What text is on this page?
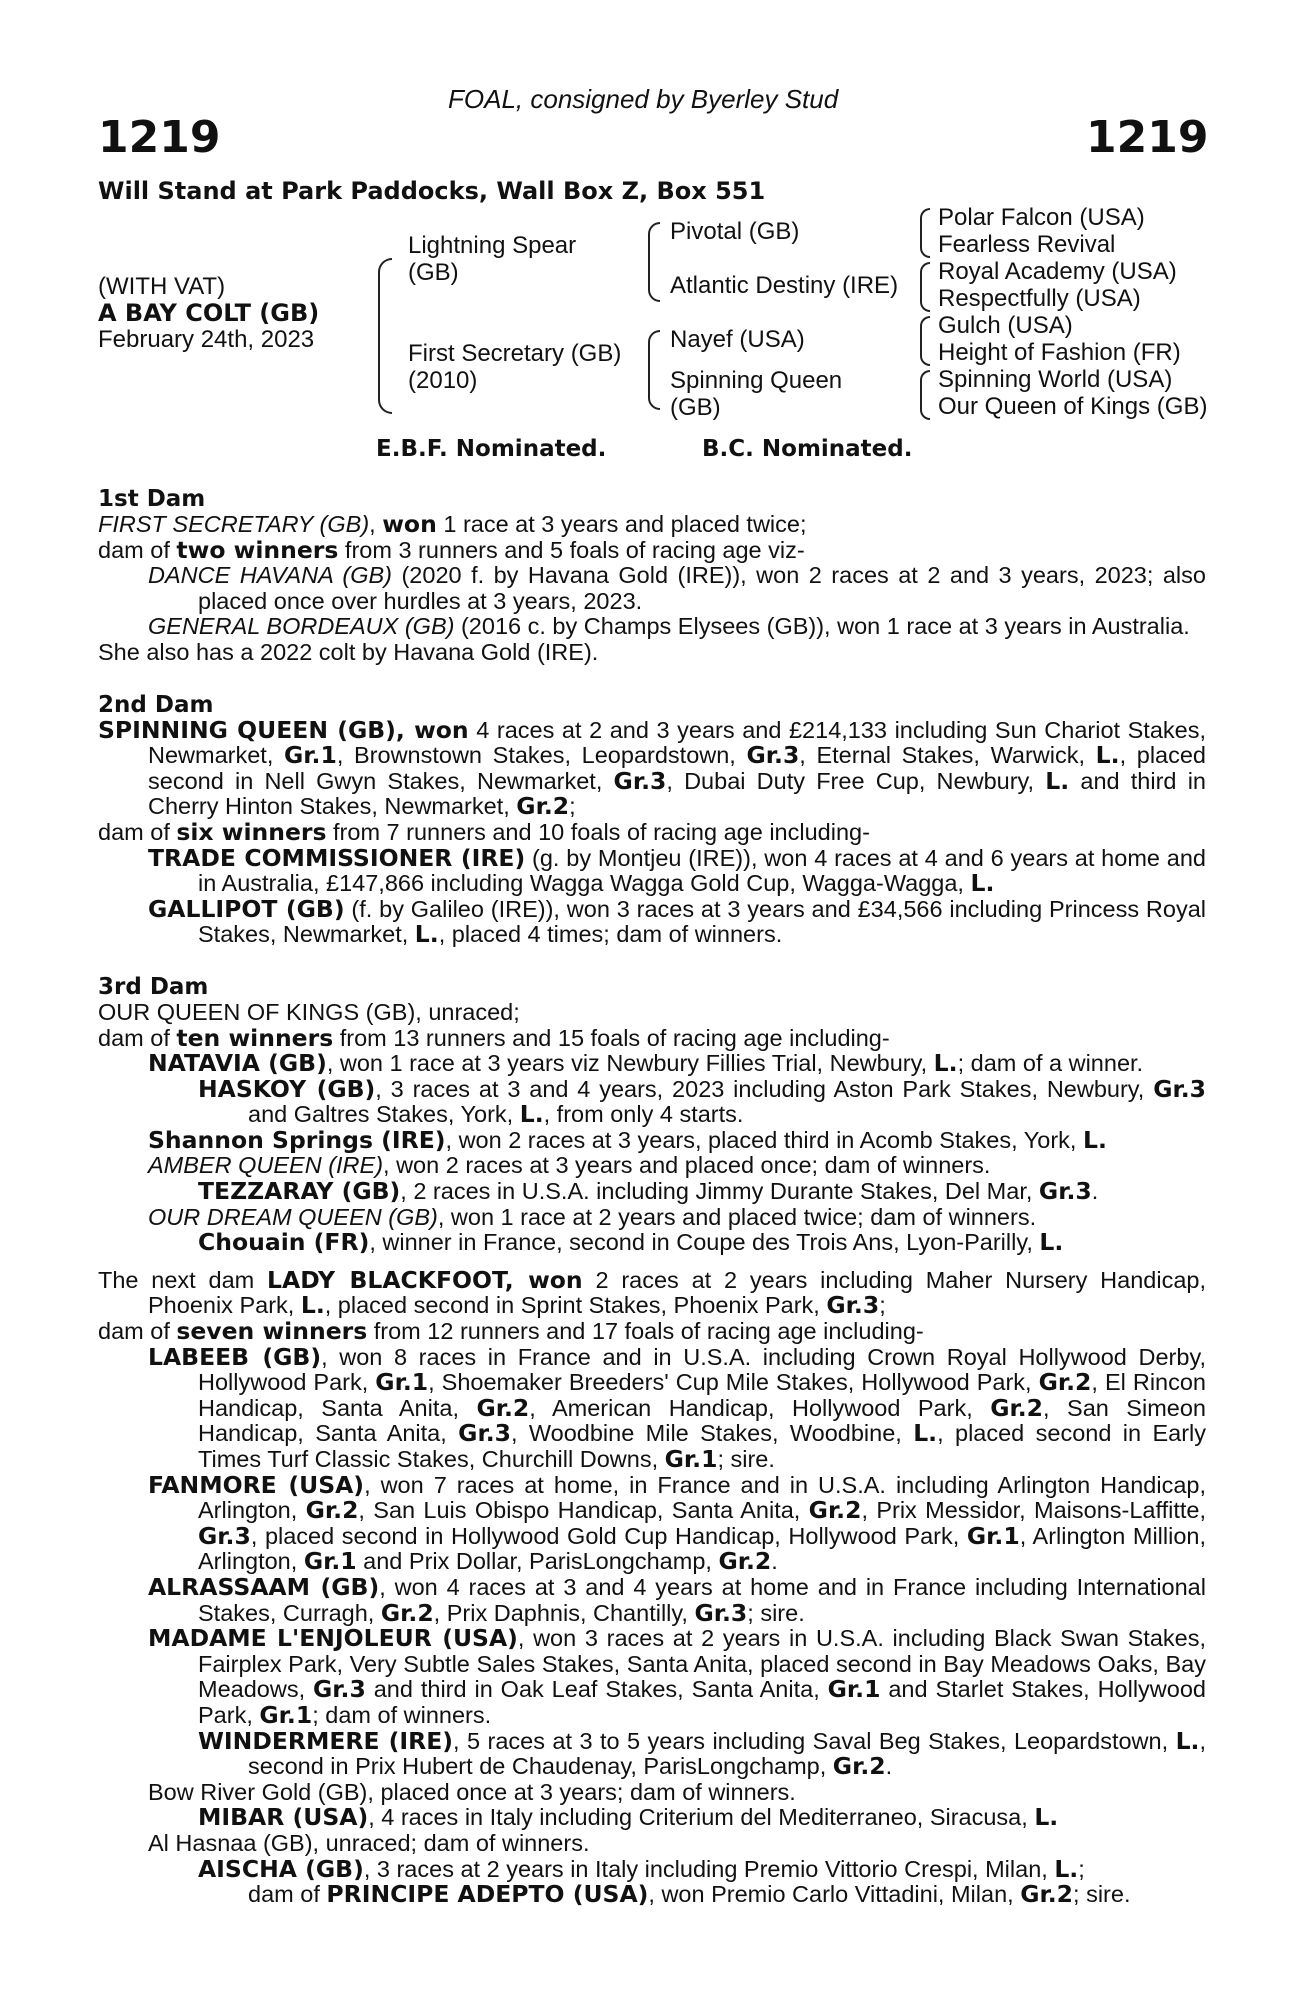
FOAL, consigned by Byerley Stud
1219	1219
Will Stand at Park Paddocks, Wall Box Z, Box 551
(WITH VAT)
A BAY COLT (GB)
February 24th, 2023
Lightning Spear (GB)
First Secretary (GB) (2010)
Pivotal (GB)
Atlantic Destiny (IRE)
Nayef (USA)
Spinning Queen (GB)
Polar Falcon (USA)
Fearless Revival
Royal Academy (USA)
Respectfully (USA)
Gulch (USA)
Height of Fashion (FR)
Spinning World (USA)
Our Queen of Kings (GB)
E.B.F. Nominated.	B.C. Nominated.

1st Dam

FIRST SECRETARY (GB), won 1 race at 3 years and placed twice;

dam of two winners from 3 runners and 5 foals of racing age viz-

DANCE HAVANA (GB) (2020 f. by Havana Gold (IRE)), won 2 races at 2 and 3 years, 2023; also placed once over hurdles at 3 years, 2023.

GENERAL BORDEAUX (GB) (2016 c. by Champs Elysees (GB)), won 1 race at 3 years in Australia.

She also has a 2022 colt by Havana Gold (IRE).

2nd Dam

SPINNING QUEEN (GB), won 4 races at 2 and 3 years and £214,133 including Sun Chariot Stakes, Newmarket, Gr.1, Brownstown Stakes, Leopardstown, Gr.3, Eternal Stakes, Warwick, L., placed second in Nell Gwyn Stakes, Newmarket, Gr.3, Dubai Duty Free Cup, Newbury, L. and third in Cherry Hinton Stakes, Newmarket, Gr.2;

dam of six winners from 7 runners and 10 foals of racing age including-

TRADE COMMISSIONER (IRE) (g. by Montjeu (IRE)), won 4 races at 4 and 6 years at home and in Australia, £147,866 including Wagga Wagga Gold Cup, Wagga-Wagga, L.

GALLIPOT (GB) (f. by Galileo (IRE)), won 3 races at 3 years and £34,566 including Princess Royal Stakes, Newmarket, L., placed 4 times; dam of winners.

3rd Dam

OUR QUEEN OF KINGS (GB), unraced;

dam of ten winners from 13 runners and 15 foals of racing age including-

NATAVIA (GB), won 1 race at 3 years viz Newbury Fillies Trial, Newbury, L.; dam of a winner.

HASKOY (GB), 3 races at 3 and 4 years, 2023 including Aston Park Stakes, Newbury, Gr.3 and Galtres Stakes, York, L., from only 4 starts.

Shannon Springs (IRE), won 2 races at 3 years, placed third in Acomb Stakes, York, L.

AMBER QUEEN (IRE), won 2 races at 3 years and placed once; dam of winners.

TEZZARAY (GB), 2 races in U.S.A. including Jimmy Durante Stakes, Del Mar, Gr.3.

OUR DREAM QUEEN (GB), won 1 race at 2 years and placed twice; dam of winners.

Chouain (FR), winner in France, second in Coupe des Trois Ans, Lyon-Parilly, L.

The next dam LADY BLACKFOOT, won 2 races at 2 years including Maher Nursery Handicap, Phoenix Park, L., placed second in Sprint Stakes, Phoenix Park, Gr.3;

dam of seven winners from 12 runners and 17 foals of racing age including-

LABEEB (GB), won 8 races in France and in U.S.A. including Crown Royal Hollywood Derby, Hollywood Park, Gr.1, Shoemaker Breeders' Cup Mile Stakes, Hollywood Park, Gr.2, El Rincon Handicap, Santa Anita, Gr.2, American Handicap, Hollywood Park, Gr.2, San Simeon Handicap, Santa Anita, Gr.3, Woodbine Mile Stakes, Woodbine, L., placed second in Early Times Turf Classic Stakes, Churchill Downs, Gr.1; sire.

FANMORE (USA), won 7 races at home, in France and in U.S.A. including Arlington Handicap, Arlington, Gr.2, San Luis Obispo Handicap, Santa Anita, Gr.2, Prix Messidor, Maisons-Laffitte, Gr.3, placed second in Hollywood Gold Cup Handicap, Hollywood Park, Gr.1, Arlington Million, Arlington, Gr.1 and Prix Dollar, ParisLongchamp, Gr.2.

ALRASSAAM (GB), won 4 races at 3 and 4 years at home and in France including International Stakes, Curragh, Gr.2, Prix Daphnis, Chantilly, Gr.3; sire.

MADAME L'ENJOLEUR (USA), won 3 races at 2 years in U.S.A. including Black Swan Stakes, Fairplex Park, Very Subtle Sales Stakes, Santa Anita, placed second in Bay Meadows Oaks, Bay Meadows, Gr.3 and third in Oak Leaf Stakes, Santa Anita, Gr.1 and Starlet Stakes, Hollywood Park, Gr.1; dam of winners.

WINDERMERE (IRE), 5 races at 3 to 5 years including Saval Beg Stakes, Leopardstown, L., second in Prix Hubert de Chaudenay, ParisLongchamp, Gr.2.

Bow River Gold (GB), placed once at 3 years; dam of winners.

MIBAR (USA), 4 races in Italy including Criterium del Mediterraneo, Siracusa, L.

Al Hasnaa (GB), unraced; dam of winners.

AISCHA (GB), 3 races at 2 years in Italy including Premio Vittorio Crespi, Milan, L.;
dam of PRINCIPE ADEPTO (USA), won Premio Carlo Vittadini, Milan, Gr.2; sire.
